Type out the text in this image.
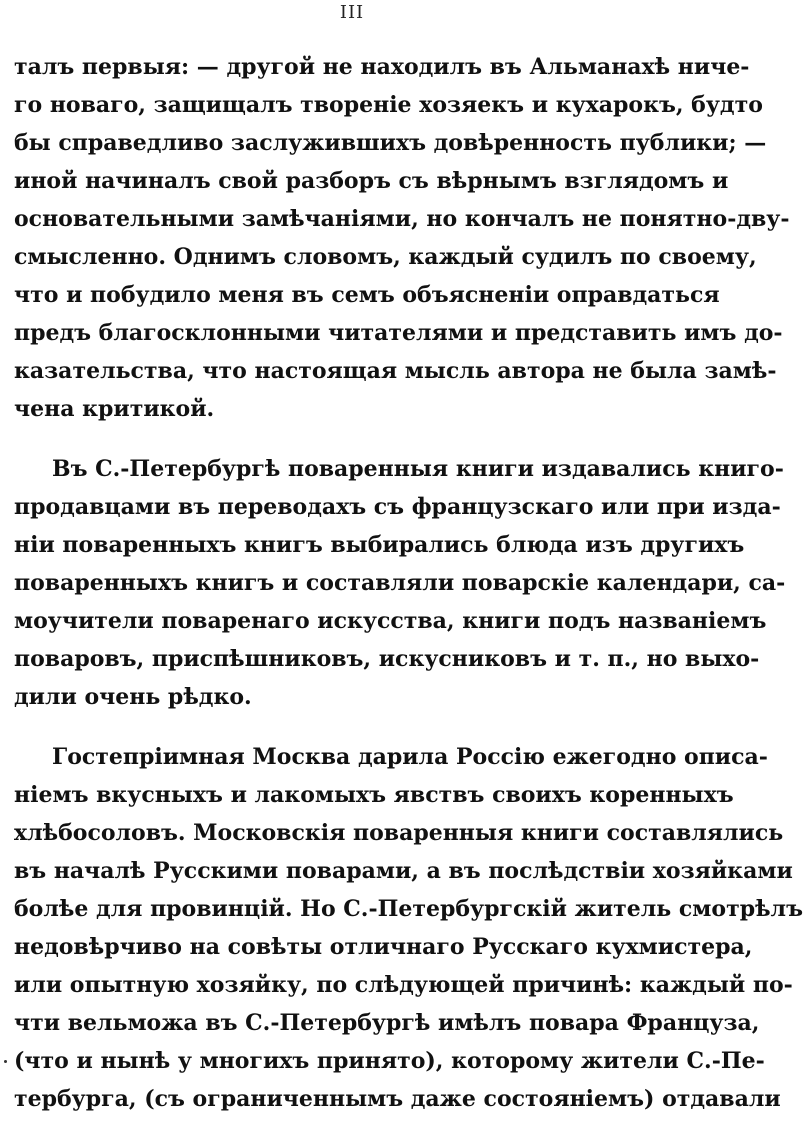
III
талъ первыя: — другой не находилъ въ Альманахѣ ниче-
го новаго, защищалъ твореніе хозяекъ и кухарокъ, будто
бы справедливо заслужившихъ довѣренность публики; —
иной начиналъ свой разборъ съ вѣрнымъ взглядомъ и
основательными замѣчаніями, но кончалъ не понятно-дву-
смысленно. Однимъ словомъ, каждый судилъ по своему,
что и побудило меня въ семъ объясненіи оправдаться
предъ благосклонными читателями и представить имъ до-
казательства, что настоящая мысль автора не была замѣ-
чена критикой.
Въ С.-Петербургѣ поваренныя книги издавались книго-
продавцами въ переводахъ съ французскаго или при изда-
ніи поваренныхъ книгъ выбирались блюда изъ другихъ
поваренныхъ книгъ и составляли поварскіе календари, са-
моучители поваренаго искусства, книги подъ названіемъ
поваровъ, приспѣшниковъ, искусниковъ и т. п., но выхо-
дили очень рѣдко.
Гостепріимная Москва дарила Россію ежегодно описа-
ніемъ вкусныхъ и лакомыхъ явствъ своихъ коренныхъ
хлѣбосоловъ. Московскія поваренныя книги составлялись
въ началѣ Русскими поварами, а въ послѣдствіи хозяйками
болѣе для провинцій. Но С.-Петербургскій житель смотрѣлъ
недовѣрчиво на совѣты отличнаго Русскаго кухмистера,
или опытную хозяйку, по слѣдующей причинѣ: каждый по-
чти вельможа въ С.-Петербургѣ имѣлъ повара Француза,
(что и нынѣ у многихъ принято), которому жители С.-Пе-
тербурга, (съ ограниченнымъ даже состояніемъ) отдавали
